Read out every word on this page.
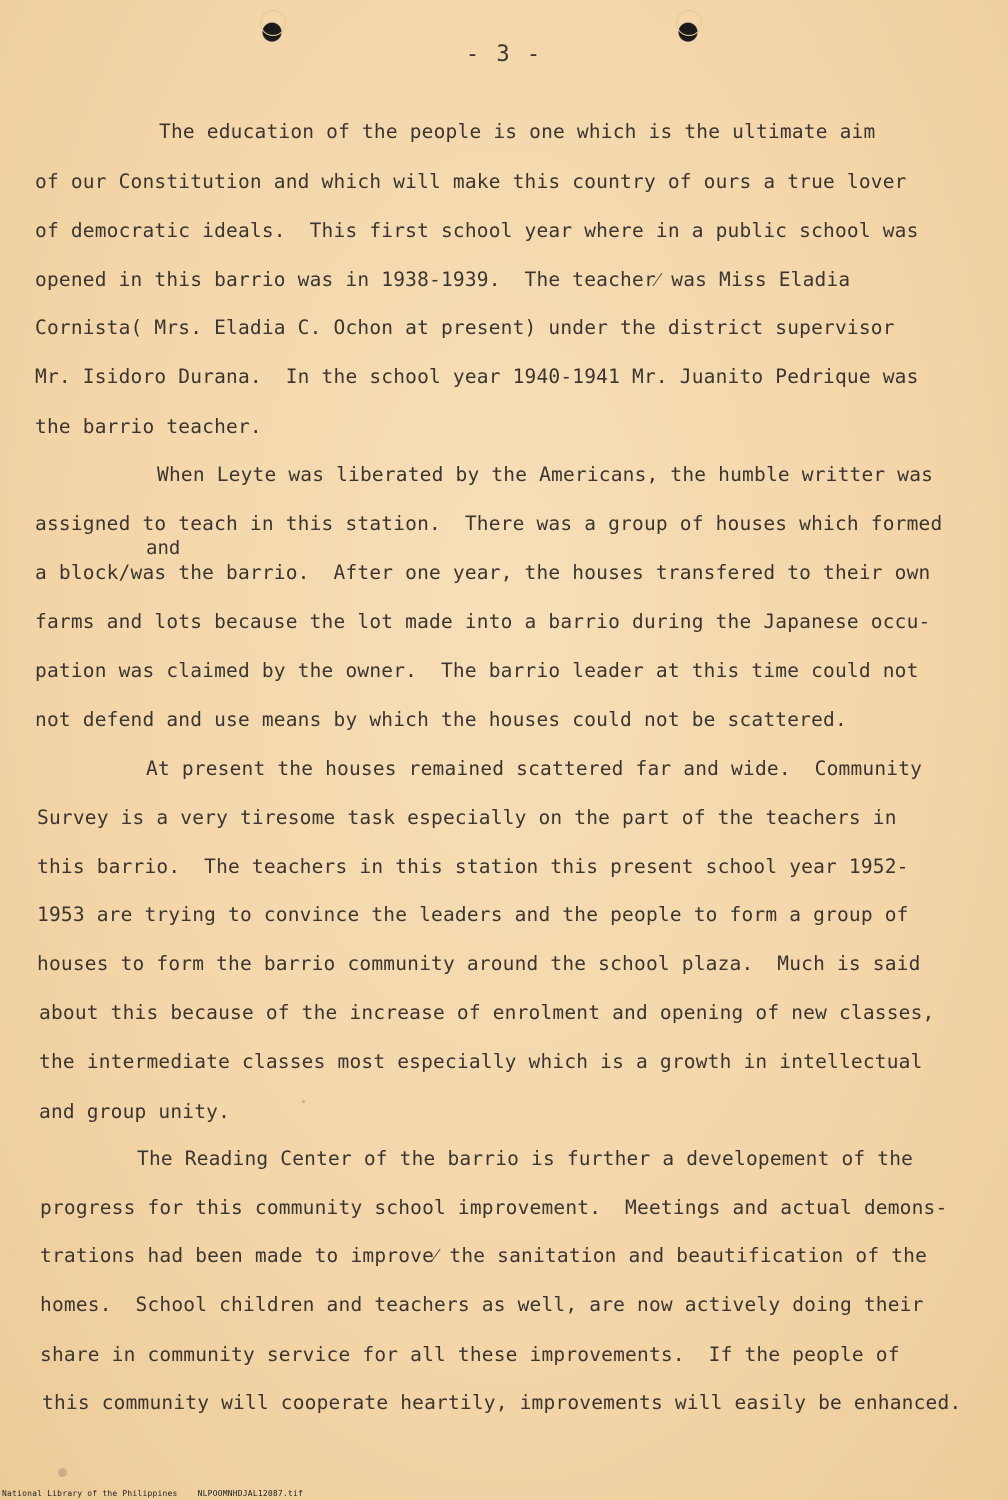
- 3 -
The education of the people is one which is the ultimate aim
of our Constitution and which will make this country of ours a true lover
of democratic ideals.  This first school year where in a public school was
opened in this barrio was in 1938-1939.  The teacher⁄ was Miss Eladia
Cornista( Mrs. Eladia C. Ochon at present) under the district supervisor
Mr. Isidoro Durana.  In the school year 1940-1941 Mr. Juanito Pedrique was
the barrio teacher.
When Leyte was liberated by the Americans, the humble writter was
assigned to teach in this station.  There was a group of houses which formed
and
a block/was the barrio.  After one year, the houses transfered to their own
farms and lots because the lot made into a barrio during the Japanese occu-
pation was claimed by the owner.  The barrio leader at this time could not
not defend and use means by which the houses could not be scattered.
At present the houses remained scattered far and wide.  Community
Survey is a very tiresome task especially on the part of the teachers in
this barrio.  The teachers in this station this present school year 1952-
1953 are trying to convince the leaders and the people to form a group of
houses to form the barrio community around the school plaza.  Much is said
about this because of the increase of enrolment and opening of new classes,
the intermediate classes most especially which is a growth in intellectual
and group unity.
The Reading Center of the barrio is further a developement of the
progress for this community school improvement.  Meetings and actual demons-
trations had been made to improve⁄ the sanitation and beautification of the
homes.  School children and teachers as well, are now actively doing their
share in community service for all these improvements.  If the people of
this community will cooperate heartily, improvements will easily be enhanced.
National Library of the Philippines    NLPOOMNHDJAL12087.tif
